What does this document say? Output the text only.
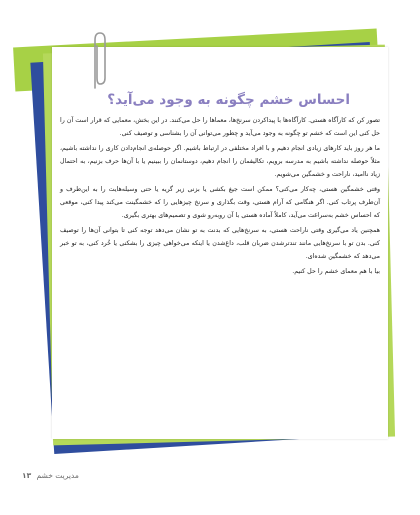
احساس خشم چگونه به وجود می‌آید؟

تصور کن که کارآگاه هستی. کارآگاه‌ها با پیداکردن سرنخ‌ها، معماها را حل می‌کنند. در این بخش، معمایی که قرار است آن را حل کنی این است که خشم تو چگونه به وجود می‌آید و چطور می‌توانی آن را بشناسی و توصیف کنی.

ما هر روز باید کارهای زیادی انجام دهیم و با افراد مختلفی در ارتباط باشیم. اگر حوصله‌ی انجام‌دادن کاری را نداشته باشیم، مثلاً حوصله نداشته باشیم به مدرسه برویم، تکالیفمان را انجام دهیم، دوستانمان را ببینیم یا با آن‌ها حرف بزنیم، به احتمال زیاد ناامید، ناراحت و خشمگین می‌شویم.

وقتی خشمگین هستی، چه‌کار می‌کنی؟ ممکن است جیغ بکشی یا بزنی زیر گریه یا حتی وسیله‌هایت را به این‌طرف و آن‌طرف پرتاب کنی. اگر هنگامی که آرام هستی، وقت بگذاری و سرنخ چیزهایی را که خشمگینت می‌کند پیدا کنی، موقعی که احساس خشم به‌سراغت می‌آید، کاملاً آماده هستی با آن روبه‌رو شوی و تصمیم‌های بهتری بگیری.

همچنین یاد می‌گیری وقتی ناراحت هستی، به سرنخ‌هایی که بدنت به تو نشان می‌دهد توجه کنی تا بتوانی آن‌ها را توصیف کنی. بدن تو با سرنخ‌هایی مانند تندترشدن ضربان قلب، داغ‌شدن یا اینکه می‌خواهی چیزی را بشکنی یا خُرد کنی، به تو خبر می‌دهد که خشمگین شده‌ای.

بیا با هم معمای خشم را حل کنیم.

مدیریت خشم ۱۳
